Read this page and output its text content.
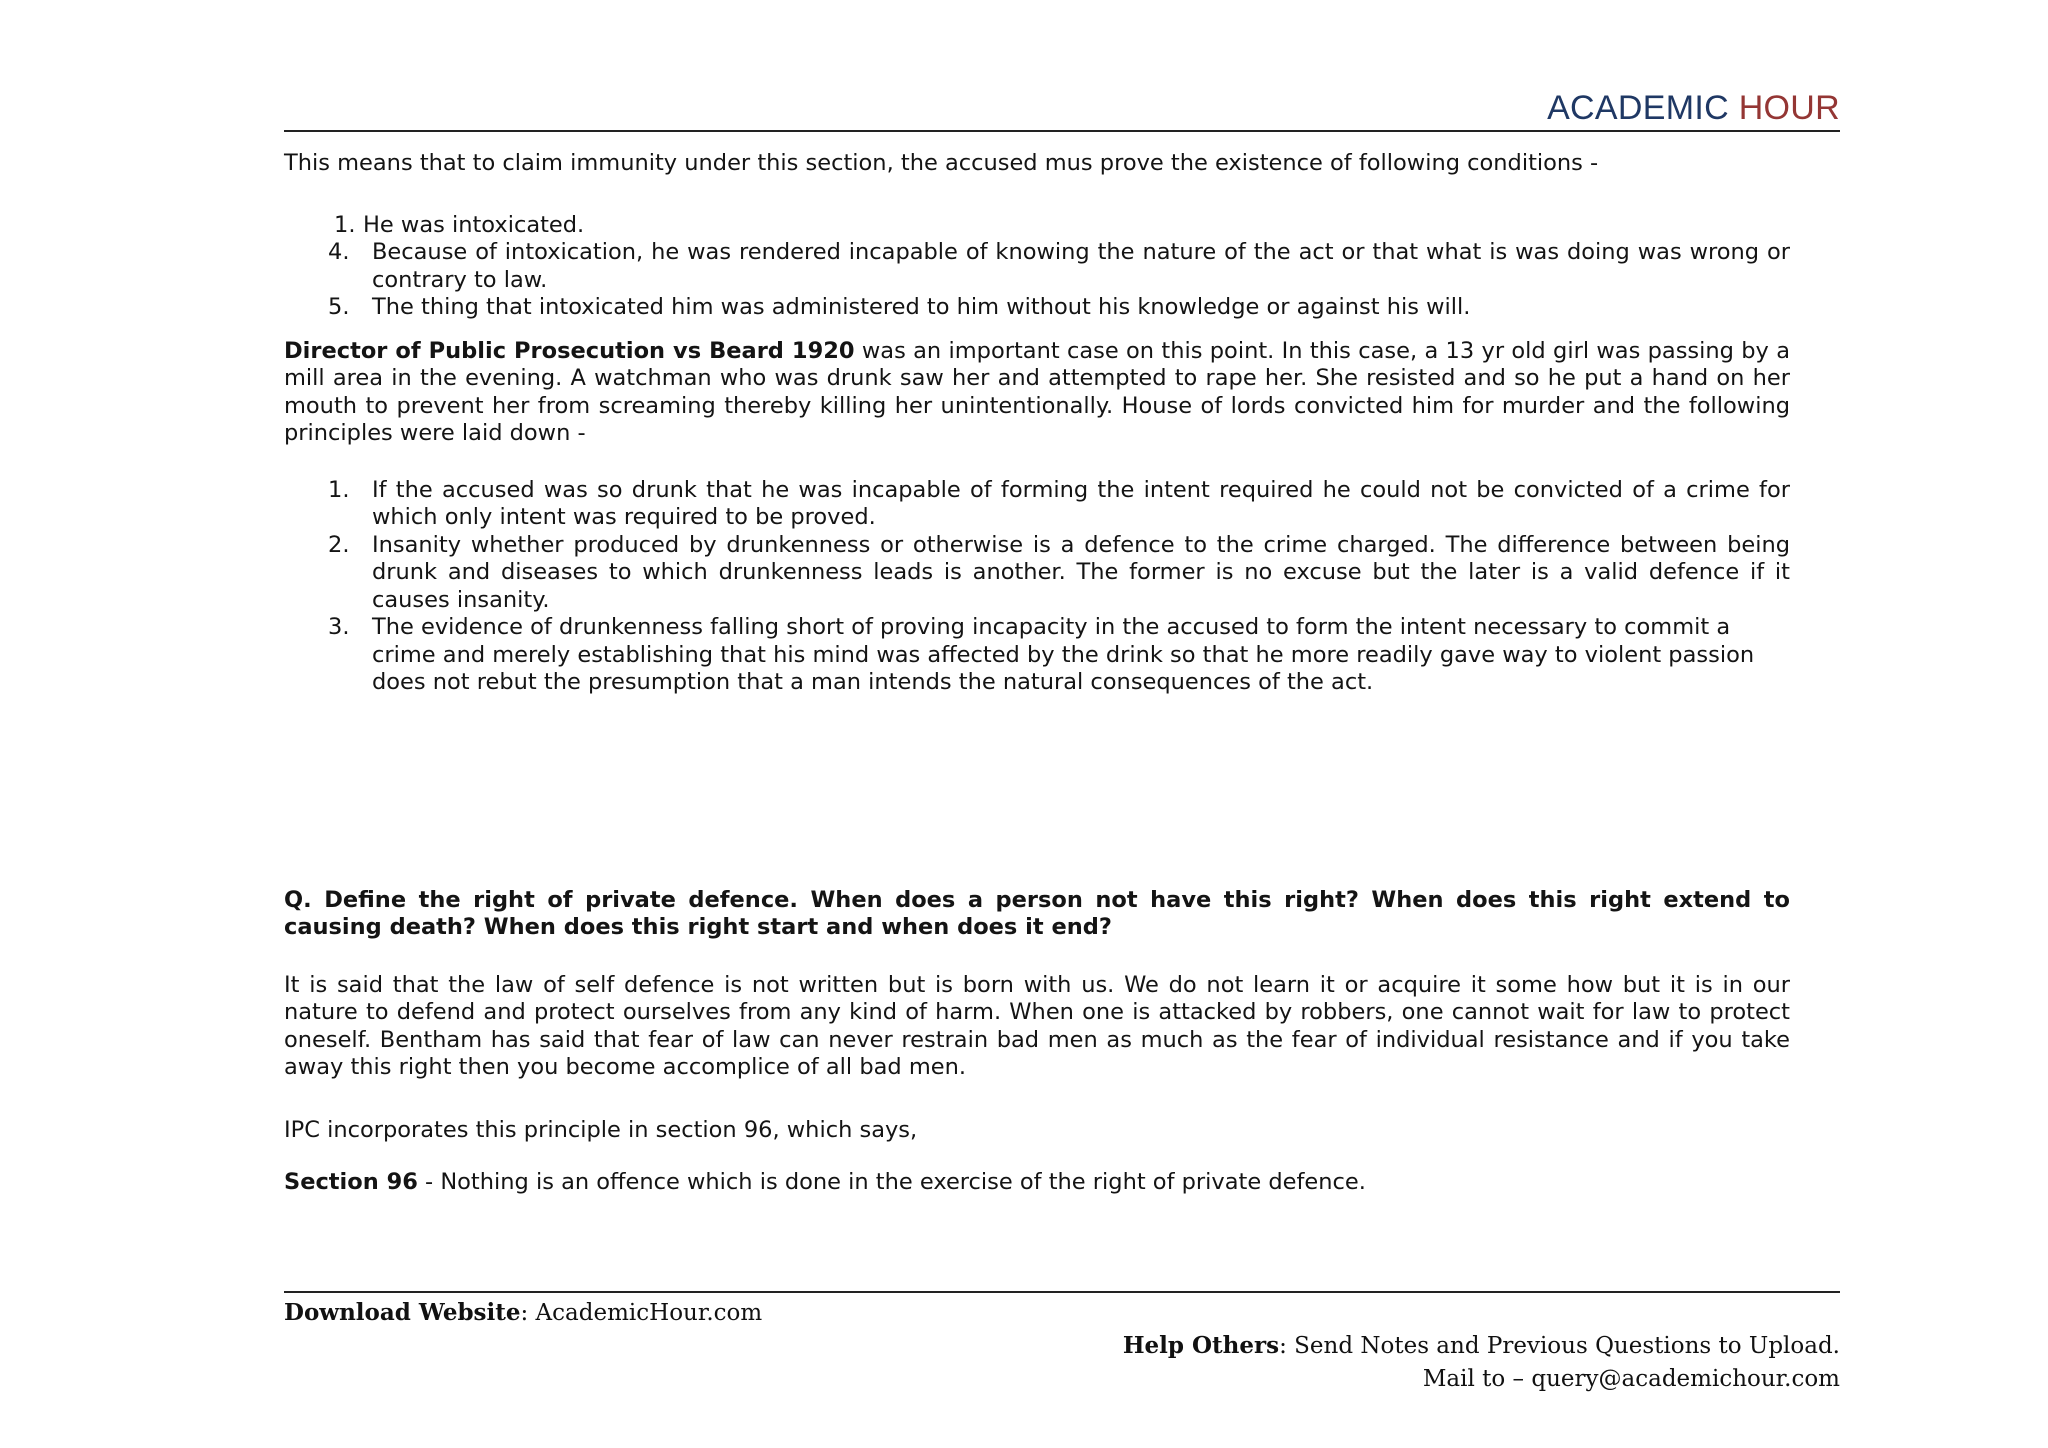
ACADEMIC HOUR

This means that to claim immunity under this section, the accused mus prove the existence of following conditions -

1. He was intoxicated.
4. Because of intoxication, he was rendered incapable of knowing the nature of the act or that what is was doing was wrong or contrary to law.
5. The thing that intoxicated him was administered to him without his knowledge or against his will.

Director of Public Prosecution vs Beard 1920 was an important case on this point. In this case, a 13 yr old girl was passing by a mill area in the evening. A watchman who was drunk saw her and attempted to rape her. She resisted and so he put a hand on her mouth to prevent her from screaming thereby killing her unintentionally. House of lords convicted him for murder and the following principles were laid down -

1. If the accused was so drunk that he was incapable of forming the intent required he could not be convicted of a crime for which only intent was required to be proved.
2. Insanity whether produced by drunkenness or otherwise is a defence to the crime charged. The difference between being drunk and diseases to which drunkenness leads is another. The former is no excuse but the later is a valid defence if it causes insanity.
3. The evidence of drunkenness falling short of proving incapacity in the accused to form the intent necessary to commit a crime and merely establishing that his mind was affected by the drink so that he more readily gave way to violent passion does not rebut the presumption that a man intends the natural consequences of the act.

Q. Define the right of private defence. When does a person not have this right? When does this right extend to causing death? When does this right start and when does it end?

It is said that the law of self defence is not written but is born with us. We do not learn it or acquire it some how but it is in our nature to defend and protect ourselves from any kind of harm. When one is attacked by robbers, one cannot wait for law to protect oneself. Bentham has said that fear of law can never restrain bad men as much as the fear of individual resistance and if you take away this right then you become accomplice of all bad men.

IPC incorporates this principle in section 96, which says,

Section 96 - Nothing is an offence which is done in the exercise of the right of private defence.

Download Website: AcademicHour.com
Help Others: Send Notes and Previous Questions to Upload.
Mail to – query@academichour.com
